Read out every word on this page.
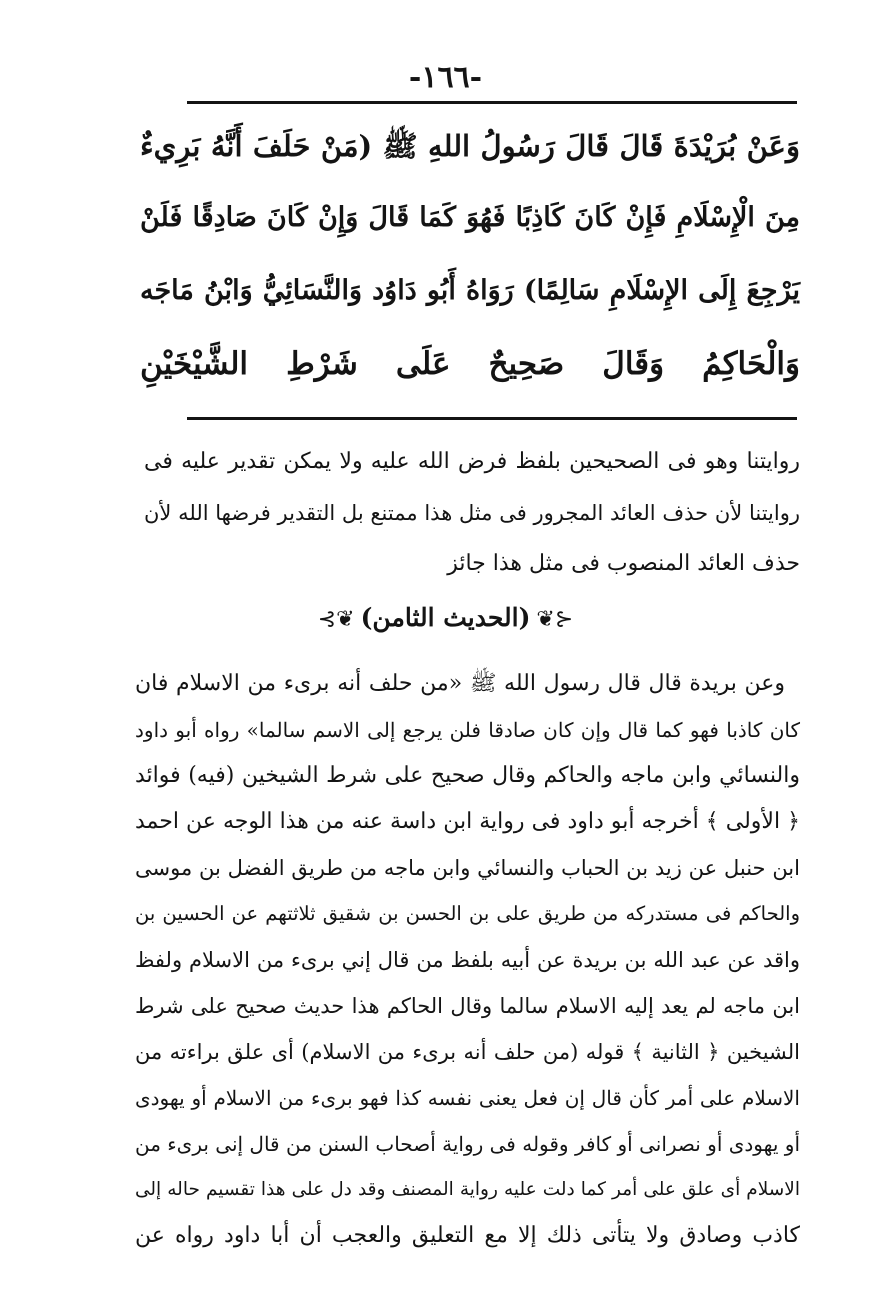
-١٦٦-
وَعَنْ بُرَيْدَةَ قَالَ قَالَ رَسُولُ اللهِ ﷺ (مَنْ حَلَفَ أَنَّهُ بَرِيءٌ
مِنَ الْإِسْلَامِ فَإِنْ كَانَ كَاذِبًا فَهُوَ كَمَا قَالَ وَإِنْ كَانَ صَادِقًا فَلَنْ
يَرْجِعَ إِلَى الإِسْلَامِ سَالِمًا) رَوَاهُ أَبُو دَاوُد وَالنَّسَائِيُّ وَابْنُ مَاجَه
وَالْحَاكِمُ وَقَالَ صَحِيحٌ عَلَى شَرْطِ الشَّيْخَيْنِ
روايتنا وهو فى الصحيحين بلفظ فرض الله عليه ولا يمكن تقدير عليه فى
روايتنا لأن حذف العائد المجرور فى مثل هذا ممتنع بل التقدير فرضها الله لأن
حذف العائد المنصوب فى مثل هذا جائز
⊰❦(الحديث الثامن)❦⊱
وعن بريدة قال قال رسول الله ﷺ «من حلف أنه برىء من الاسلام فان
كان كاذبا فهو كما قال وإن كان صادقا فلن يرجع إلى الاسم سالما» رواه أبو داود
والنسائي وابن ماجه والحاكم وقال صحيح على شرط الشيخين (فيه) فوائد
﴿ الأولى ﴾ أخرجه أبو داود فى رواية ابن داسة عنه من هذا الوجه عن احمد
ابن حنبل عن زيد بن الحباب والنسائي وابن ماجه من طريق الفضل بن موسى
والحاكم فى مستدركه من طريق على بن الحسن بن شقيق ثلاثتهم عن الحسين بن
واقد عن عبد الله بن بريدة عن أبيه بلفظ من قال إني برىء من الاسلام ولفظ
ابن ماجه لم يعد إليه الاسلام سالما وقال الحاكم هذا حديث صحيح على شرط
الشيخين ﴿ الثانية ﴾ قوله (من حلف أنه برىء من الاسلام) أى علق براءته من
الاسلام على أمر كأن قال إن فعل يعنى نفسه كذا فهو برىء من الاسلام أو يهودى
أو يهودى أو نصرانى أو كافر وقوله فى رواية أصحاب السنن من قال إنى برىء من
الاسلام أى علق على أمر كما دلت عليه رواية المصنف وقد دل على هذا تقسيم حاله إلى
كاذب وصادق ولا يتأتى ذلك إلا مع التعليق والعجب أن أبا داود رواه عن
